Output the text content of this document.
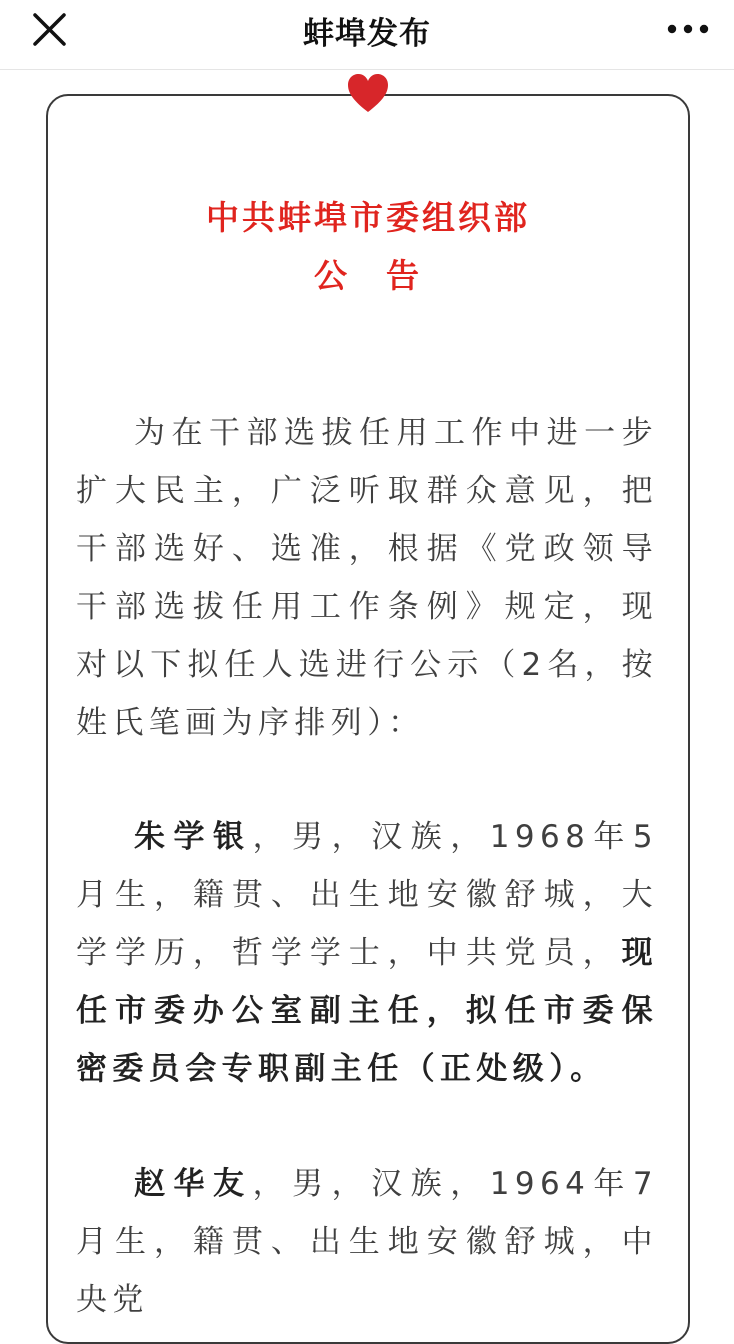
蚌埠发布
中共蚌埠市委组织部
公　告

为在干部选拔任用工作中进一步扩大民主，广泛听取群众意见，把干部选好、选准，根据《党政领导干部选拔任用工作条例》规定，现对以下拟任人选进行公示（2名，按姓氏笔画为序排列）：

朱学银，男，汉族，1968年5月生，籍贯、出生地安徽舒城，大学学历，哲学学士，中共党员，现任市委办公室副主任，拟任市委保密委员会专职副主任（正处级）。

赵华友，男，汉族，1964年7月生，籍贯、出生地安徽舒城，中央党
